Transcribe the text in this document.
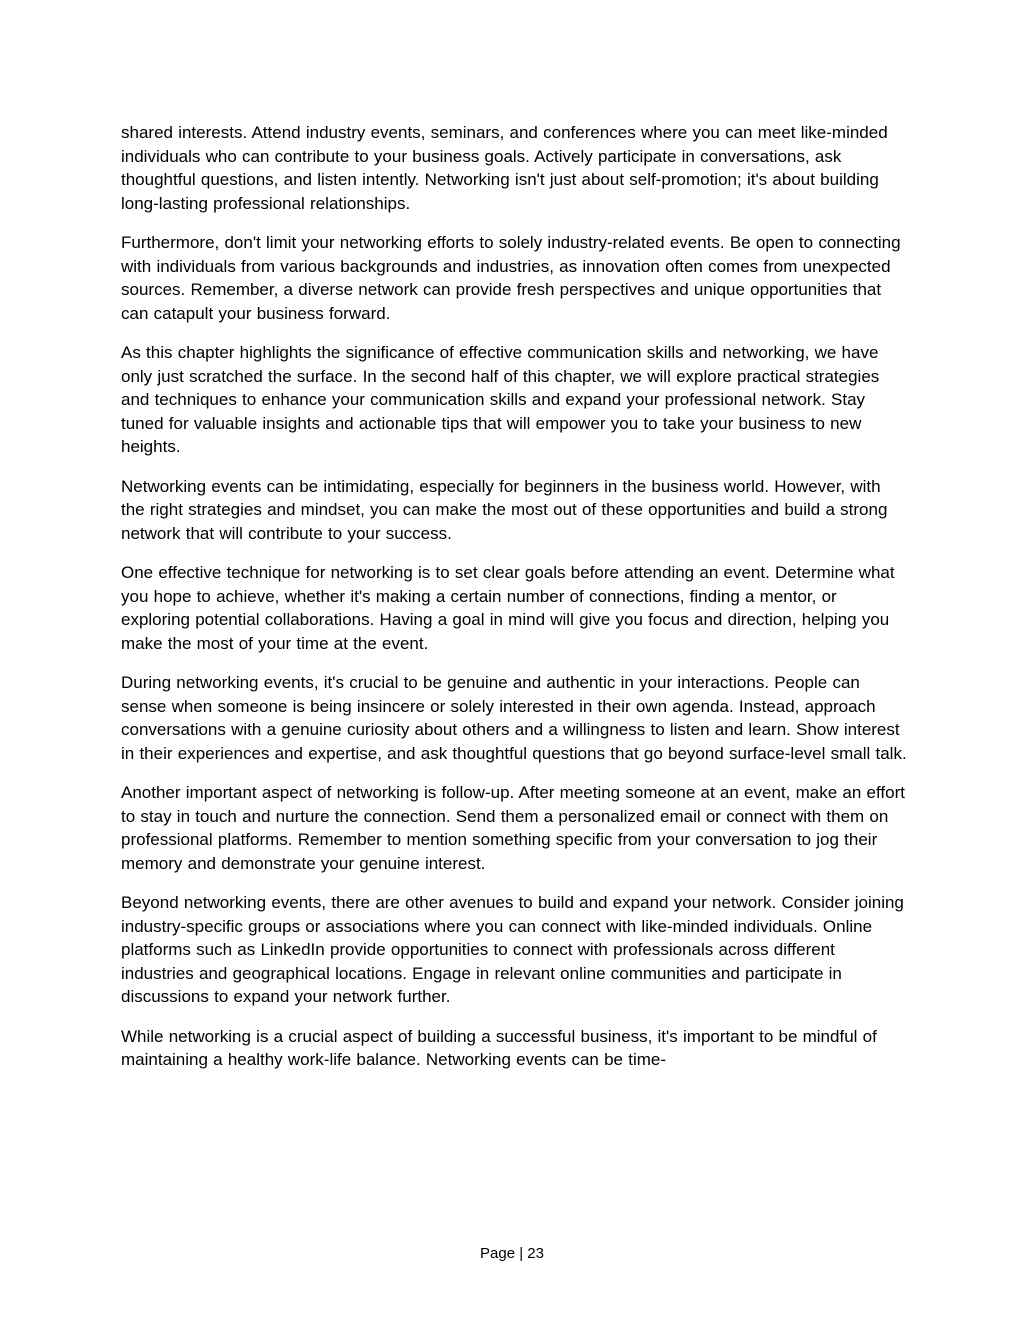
shared interests. Attend industry events, seminars, and conferences where you can meet like-minded individuals who can contribute to your business goals. Actively participate in conversations, ask thoughtful questions, and listen intently. Networking isn't just about self-promotion; it's about building long-lasting professional relationships.

Furthermore, don't limit your networking efforts to solely industry-related events. Be open to connecting with individuals from various backgrounds and industries, as innovation often comes from unexpected sources. Remember, a diverse network can provide fresh perspectives and unique opportunities that can catapult your business forward.

As this chapter highlights the significance of effective communication skills and networking, we have only just scratched the surface. In the second half of this chapter, we will explore practical strategies and techniques to enhance your communication skills and expand your professional network. Stay tuned for valuable insights and actionable tips that will empower you to take your business to new heights.

Networking events can be intimidating, especially for beginners in the business world. However, with the right strategies and mindset, you can make the most out of these opportunities and build a strong network that will contribute to your success.

One effective technique for networking is to set clear goals before attending an event. Determine what you hope to achieve, whether it's making a certain number of connections, finding a mentor, or exploring potential collaborations. Having a goal in mind will give you focus and direction, helping you make the most of your time at the event.

During networking events, it's crucial to be genuine and authentic in your interactions. People can sense when someone is being insincere or solely interested in their own agenda. Instead, approach conversations with a genuine curiosity about others and a willingness to listen and learn. Show interest in their experiences and expertise, and ask thoughtful questions that go beyond surface-level small talk.

Another important aspect of networking is follow-up. After meeting someone at an event, make an effort to stay in touch and nurture the connection. Send them a personalized email or connect with them on professional platforms. Remember to mention something specific from your conversation to jog their memory and demonstrate your genuine interest.

Beyond networking events, there are other avenues to build and expand your network. Consider joining industry-specific groups or associations where you can connect with like-minded individuals. Online platforms such as LinkedIn provide opportunities to connect with professionals across different industries and geographical locations. Engage in relevant online communities and participate in discussions to expand your network further.

While networking is a crucial aspect of building a successful business, it's important to be mindful of maintaining a healthy work-life balance. Networking events can be time-

Page | 23
